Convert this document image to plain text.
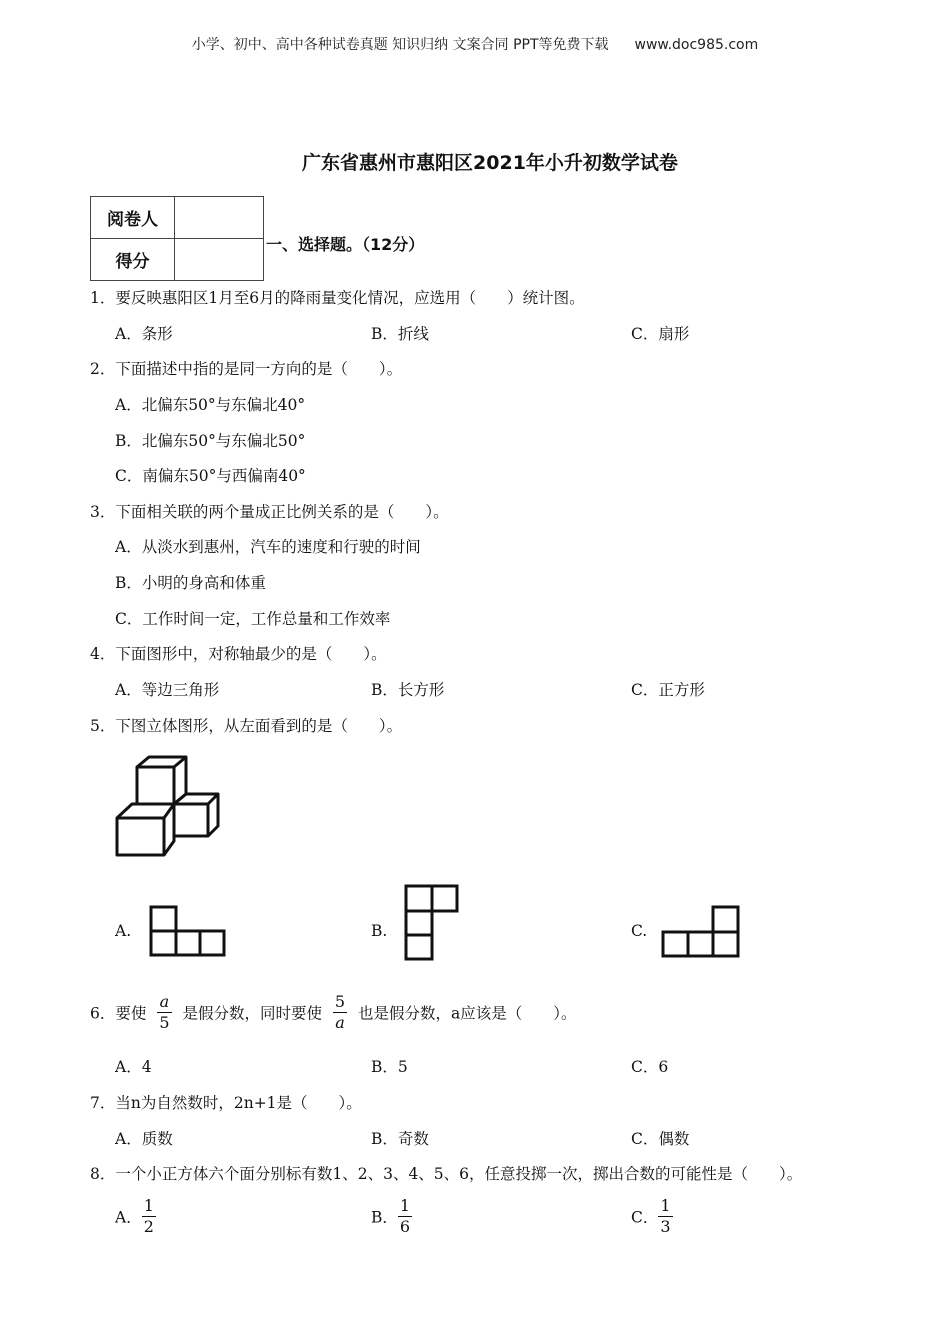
小学、初中、高中各种试卷真题 知识归纳 文案合同 PPT等免费下载 www.doc985.com
广东省惠州市惠阳区2021年小升初数学试卷
阅卷人	
得分	
一、选择题。（12分）
1．要反映惠阳区1月至6月的降雨量变化情况，应选用（　　）统计图。
A．条形	B．折线	C．扇形
2．下面描述中指的是同一方向的是（　　）。
A．北偏东50°与东偏北40°
B．北偏东50°与东偏北50°
C．南偏东50°与西偏南40°
3．下面相关联的两个量成正比例关系的是（　　）。
A．从淡水到惠州，汽车的速度和行驶的时间
B．小明的身高和体重
C．工作时间一定，工作总量和工作效率
4．下面图形中，对称轴最少的是（　　）。
A．等边三角形	B．长方形	C．正方形
5．下图立体图形，从左面看到的是（　　）。
A.	B.	C.
6．要使 $\frac{a}{5}$ 是假分数，同时要使 $\frac{5}{a}$ 也是假分数，a应该是（　　）。
A．4	B．5	C．6
7．当n为自然数时，2n+1是（　　）。
A．质数	B．奇数	C．偶数
8．一个小正方体六个面分别标有数1、2、3、4、5、6，任意投掷一次，掷出合数的可能性是（　　）。
A． $\frac{1}{2}$	B． $\frac{1}{6}$	C． $\frac{1}{3}$
